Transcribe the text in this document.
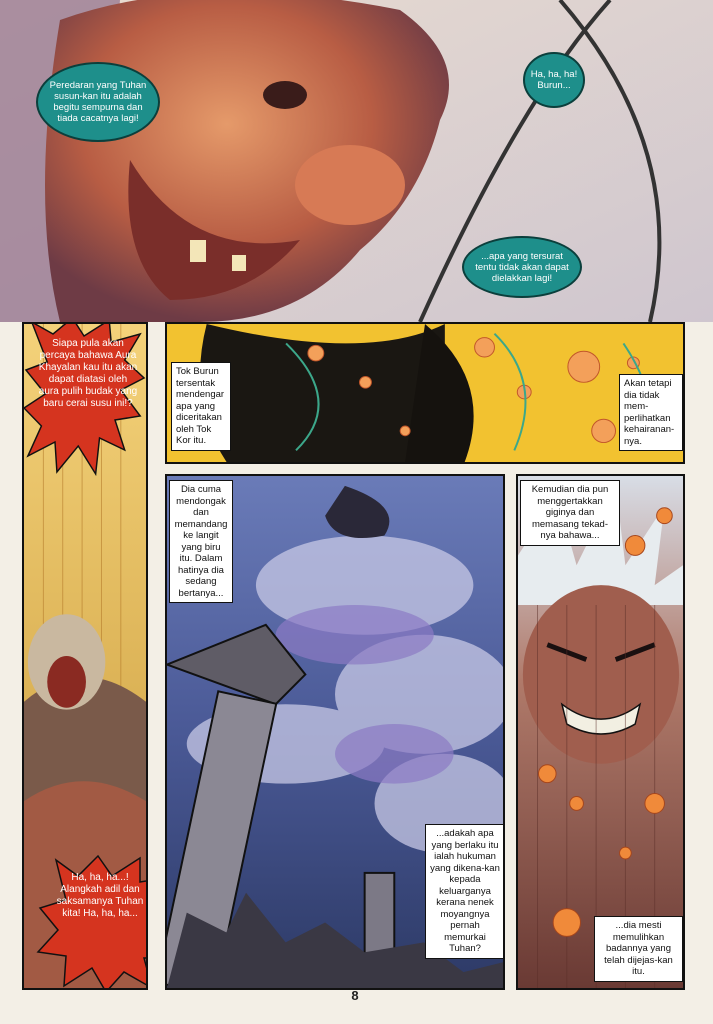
Peredaran yang Tuhan susun-kan itu adalah begitu sempurna dan tiada cacatnya lagi!
Ha, ha, ha! Burun...
...apa yang tersurat tentu tidak akan dapat dielakkan lagi!
Siapa pula akan percaya bahawa Aura Khayalan kau itu akan dapat diatasi oleh aura pulih budak yang baru cerai susu ini!?
Ha, ha, ha...! Alangkah adil dan saksamanya Tuhan kita! Ha, ha, ha...
Tok Burun tersentak mendengar apa yang diceritakan oleh Tok Kor itu.
Akan tetapi dia tidak mem-perlihatkan kehairanan-nya.
Dia cuma mendongak dan memandang ke langit yang biru itu. Dalam hatinya dia sedang bertanya...
...adakah apa yang berlaku itu ialah hukuman yang dikena-kan kepada keluarganya kerana nenek moyangnya pernah memurkai Tuhan?
Kemudian dia pun menggertakkan giginya dan memasang tekad-nya bahawa...
...dia mesti memulihkan badannya yang telah dijejas-kan itu.
8
